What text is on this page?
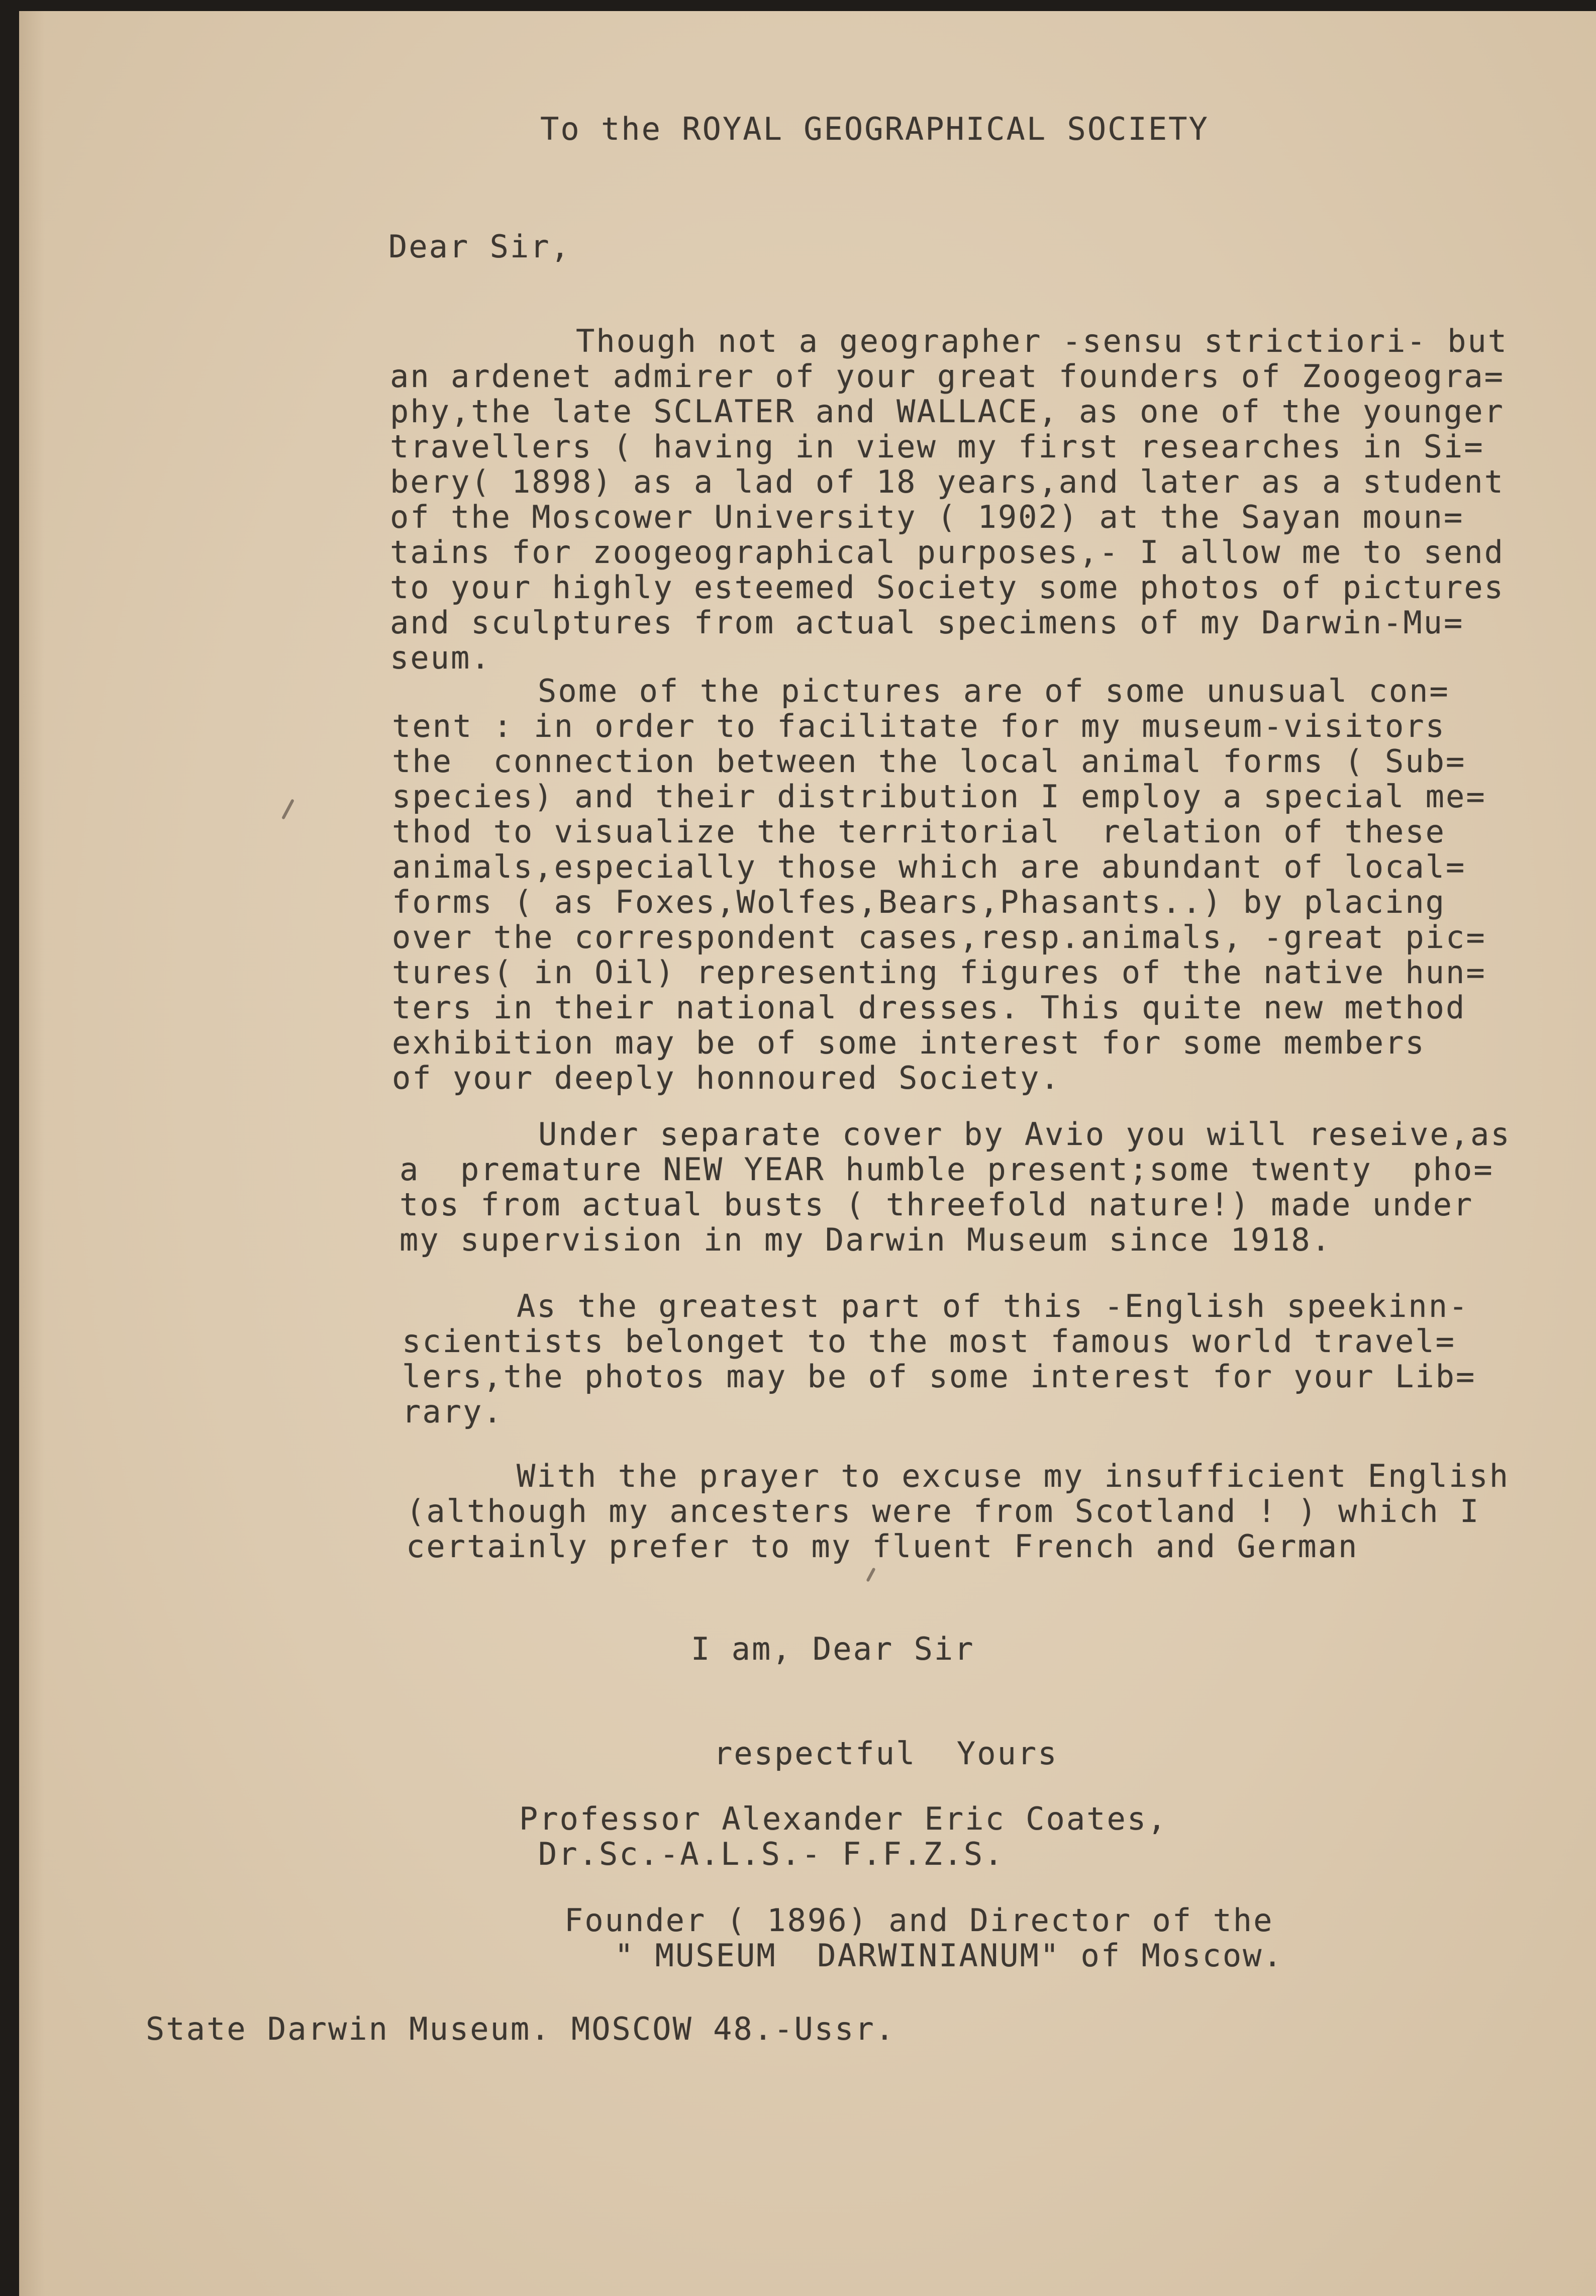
To the ROYAL GEOGRAPHICAL SOCIETY

Dear Sir,

Though not a geographer -sensu strictiori- but

an ardenet admirer of your great founders of Zoogeogra=

phy,the late SCLATER and WALLACE, as one of the younger

travellers ( having in view my first researches in Si=

bery( 1898) as a lad of 18 years,and later as a student

of the Moscower University ( 1902) at the Sayan moun=

tains for zoogeographical purposes,- I allow me to send

to your highly esteemed Society some photos of pictures

and sculptures from actual specimens of my Darwin-Mu=

seum.

Some of the pictures are of some unusual con=

tent : in order to facilitate for my museum-visitors

the  connection between the local animal forms ( Sub=

species) and their distribution I employ a special me=

thod to visualize the territorial  relation of these

animals,especially those which are abundant of local=

forms ( as Foxes,Wolfes,Bears,Phasants..) by placing

over the correspondent cases,resp.animals, -great pic=

tures( in Oil) representing figures of the native hun=

ters in their national dresses. This quite new method

exhibition may be of some interest for some members

of your deeply honnoured Society.

Under separate cover by Avio you will reseive,as

a  premature NEW YEAR humble present;some twenty  pho=

tos from actual busts ( threefold nature!) made under

my supervision in my Darwin Museum since 1918.

As the greatest part of this -English speekinn-

scientists belonget to the most famous world travel=

lers,the photos may be of some interest for your Lib=

rary.

With the prayer to excuse my insufficient English

(although my ancesters were from Scotland ! ) which I

certainly prefer to my fluent French and German

I am, Dear Sir

respectful  Yours

Professor Alexander Eric Coates,

Dr.Sc.-A.L.S.- F.F.Z.S.

Founder ( 1896) and Director of the

" MUSEUM  DARWINIANUM" of Moscow.

State Darwin Museum. MOSCOW 48.-Ussr.
